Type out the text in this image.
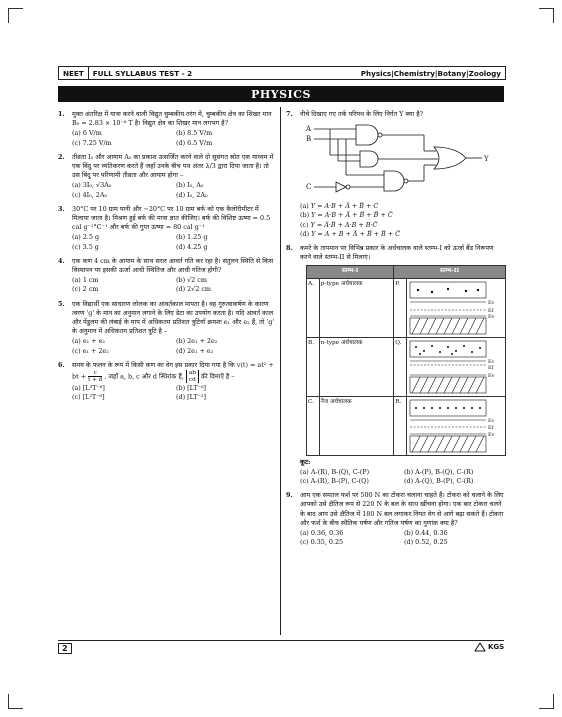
NEET	FULL SYLLABUS TEST - 2	Physics|Chemistry|Botany|Zoology
PHYSICS
1. मुक्त अंतरिक्ष में यात्रा करने वाली विद्युत चुम्बकीय तरंग में, चुम्बकीय क्षेत्र का शिखर मान B₀ = 2.83 × 10⁻⁸ T है। विद्युत क्षेत्र का शिखर मान लगभग है?
(a) 6 V/m	(b) 8.5 V/m
(c) 7.25 V/m	(d) 6.5 V/m
2. तीव्रता I₀ और आयाम A₀ का प्रकाश उत्सर्जित करने वाले दो सुसंगत स्रोत एक माध्यम में एक बिंदु पर व्यतिकरण करते हैं जहाँ उनके बीच पथ अंतर λ/3 द्वारा दिया जाता है। तो उस बिंदु पर परिणामी तीव्रता और आयाम होगा –
(a) 3I₀, √3A₀	(b) I₀, A₀
(c) 4I₀, 2A₀	(d) I₀, 2A₀
3. 30°C पर 10 ग्राम पानी और −20°C पर 10 ग्राम बर्फ को एक कैलोरीमीटर में मिलाया जाता है। मिश्रण हुई बर्फ की मात्रा ज्ञात कीजिए। बर्फ की विशिष्ट ऊष्मा = 0.5 cal g⁻¹°C⁻¹ और बर्फ की गुप्त ऊष्मा = 80 cal g⁻¹
(a) 2.5 g	(b) 1.25 g
(c) 3.5 g	(d) 4.25 g
4. एक कण 4 cm के आयाम के साथ सरल आवर्त गति कर रहा है। संतुलन स्थिति से किस विस्थापन पर इसकी ऊर्जा आधी स्थितिज और आधी गतिज होगी?
(a) 1 cm	(b) √2 cm
(c) 2 cm	(d) 2√2 cm
5. एक विद्यार्थी एक साधारण लोलक का आवर्तकाल मापता है। वह गुरुत्वाकर्षण के कारण त्वरण 'g' के मान का अनुमान लगाने के लिए डेटा का उपयोग करता है। यदि आवर्त काल और पेंडुलम की लंबाई के माप में अधिकतम प्रतिशत त्रुटियाँ क्रमशः e₁ और e₂ हैं, तो 'g' के अनुमान में अधिकतम प्रतिशत त्रुटि है –
(a) e₁ + e₂	(b) 2e₁ + 2e₂
(c) e₁ + 2e₂	(d) 2e₁ + e₂
6. समय के फलन के रूप में किसी कण का वेग इस प्रकार दिया गया है कि v(t) = at² + bt + $\frac{c}{t + d}$ . जहाँ a, b, c और d स्थिरांक हैं, ab
cd की विमाएँ है –
(a) [L³T⁻⁸]	(b) [LT⁻⁸]
(c) [L²T⁻⁶]	(d) [LT⁻²]
7. नीचे दिखाए गए तर्क परिपथ के लिए निर्गत Y क्या है?
A
B
C
Y
(a) Y = A·B + A̅ + B̅ + C
(b) Y = A·B + A̅ + B̅ + B̅ + C̅
(c) Y = A̅·B̅ + A·B + B·C̅
(d) Y = A + B + A̅ + B̅ + B̅ + C̅
8. कमरे के तापमान पर विभिन्न प्रकार के अर्धचालक वाले स्तम्भ-I को ऊर्जा बैंड निरूपण करने वाले स्तम्भ-II से मिलाएं।
स्तम्भ-I		स्तम्भ-II	
A.	p-type अर्धचालक	P.	Ec
Ef
Ev

B.	n-type अर्धचालक	Q.	Ec
Ef
Ev

C.	नैज अर्धचालक	R.	Ec
Ef
Ev
कूट:
(a) A-(R), B-(Q), C-(P)	(b) A-(P), B-(Q), C-(R)
(c) A-(R), B-(P), C-(Q)	(d) A-(Q), B-(P), C-(R)
9. आप एक समतल फर्श पर 500 N का टोकरा चलाना चाहते हैं। टोकरा को चलाने के लिए आपको उसे क्षैतिज रूप से 220 N के बल के साथ खींचना होगा। एक बार टोकरा चलने के बाद आप उसे क्षैतिज में 180 N बल लगाकर नियत वेग से आगे बढ़ा सकते हैं। टोकरा और फर्श के बीच स्थैतिक घर्षण और गतिज घर्षण का गुणांक क्या है?
(a) 0.36, 0.36	(b) 0.44, 0.36
(c) 0.35, 0.25	(d) 0.52, 0.25
2	KGS
